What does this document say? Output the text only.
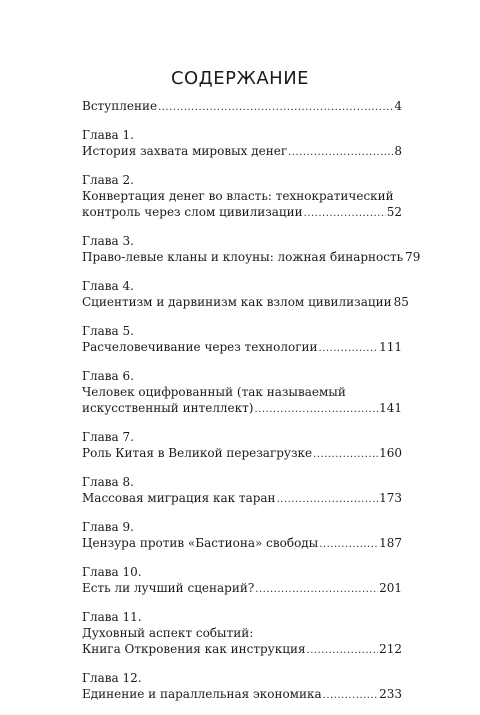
СОДЕРЖАНИЕ
Вступление .....	4
Глава 1.
История захвата мировых денег .....	8
Глава 2.
Конвертация денег во власть: технократический
контроль через слом цивилизации .....	52
Глава 3.
Право-левые кланы и клоуны: ложная бинарность 79
Глава 4.
Сциентизм и дарвинизм как взлом цивилизации 85
Глава 5.
Расчеловечивание через технологии .....	111
Глава 6.
Человек оцифрованный (так называемый
искусственный интеллект) .....	141
Глава 7.
Роль Китая в Великой перезагрузке .....	160
Глава 8.
Массовая миграция как таран .....	173
Глава 9.
Цензура против «Бастиона» свободы .....	187
Глава 10.
Есть ли лучший сценарий? .....	201
Глава 11.
Духовный аспект событий:
Книга Откровения как инструкция .....	212
Глава 12.
Единение и параллельная экономика .....	233
